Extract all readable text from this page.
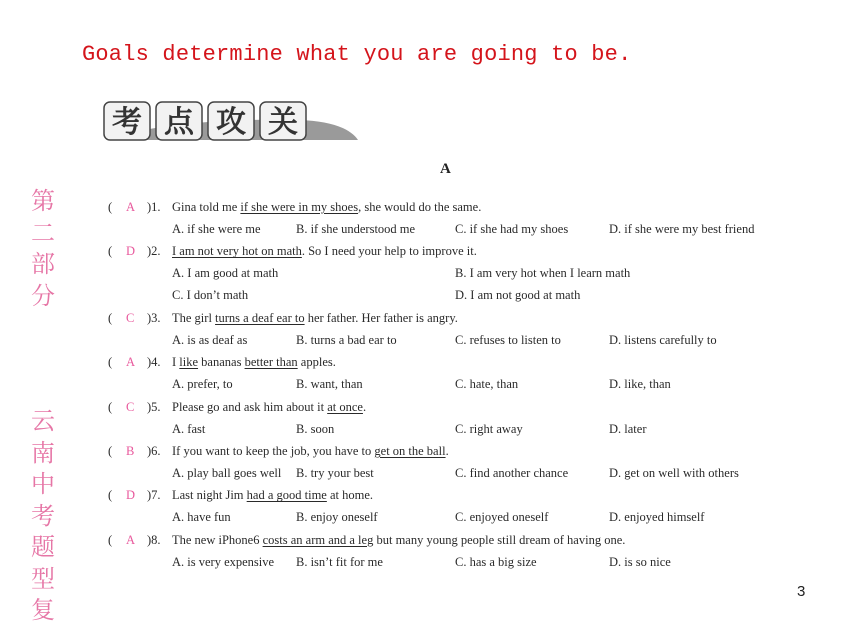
Goals determine what you are going to be.
考 点 攻 关
第
二
部
分
云
南
中
考
题
型
复
A
( A )1. Gina told me if she were in my shoes, she would do the same.
A. if she were me	B. if she understood me	C. if she had my shoes	D. if she were my best friend
( D )2. I am not very hot on math. So I need your help to improve it.
A. I am good at math	B. I am very hot when I learn math
C. I don’t math	D. I am not good at math
( C )3. The girl turns a deaf ear to her father. Her father is angry.
A. is as deaf as	B. turns a bad ear to	C. refuses to listen to	D. listens carefully to
( A )4. I like bananas better than apples.
A. prefer, to	B. want, than	C. hate, than	D. like, than
( C )5. Please go and ask him about it at once.
A. fast	B. soon	C. right away	D. later
( B )6. If you want to keep the job, you have to get on the ball.
A. play ball goes well B. try your best	C. find another chance	D. get on well with others
( D )7. Last night Jim had a good time at home.
A. have fun	B. enjoy oneself	C. enjoyed oneself	D. enjoyed himself
( A )8. The new iPhone6 costs an arm and a leg but many young people still dream of having one.
A. is very expensive B. isn’t fit for me	C. has a big size	D. is so nice
3
